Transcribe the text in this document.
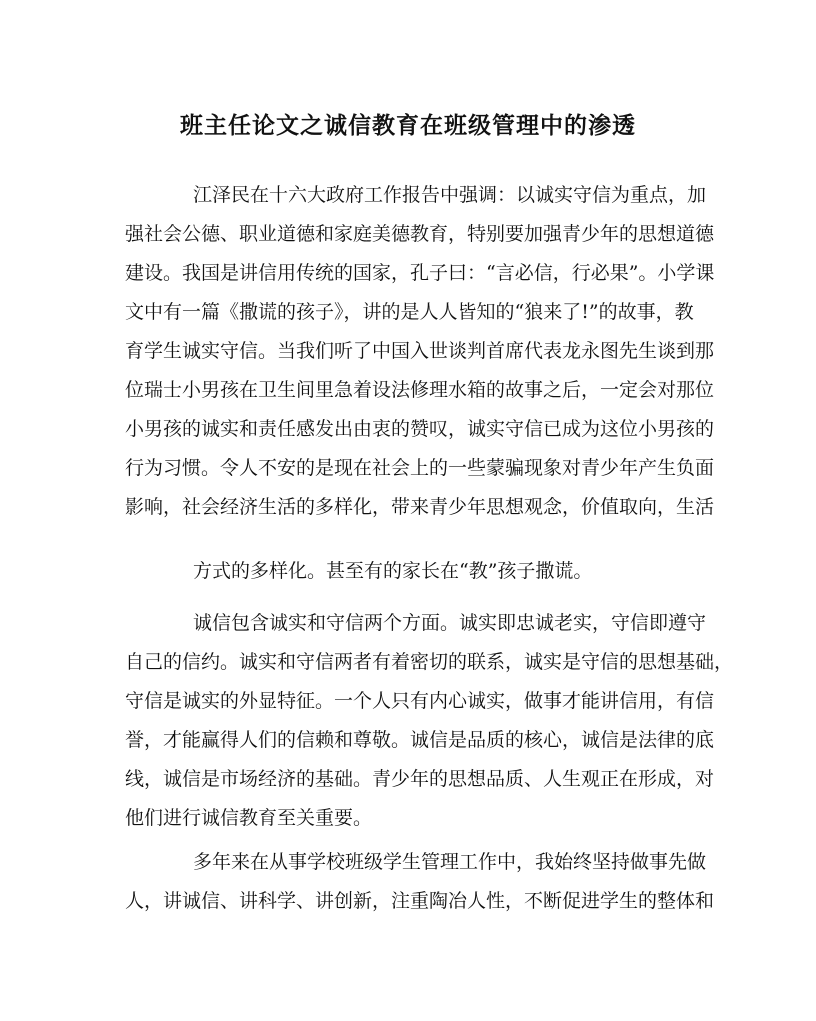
班主任论文之诚信教育在班级管理中的渗透
江泽民在十六大政府工作报告中强调：以诚实守信为重点，加
强社会公德、职业道德和家庭美德教育，特别要加强青少年的思想道德
建设。我国是讲信用传统的国家，孔子曰：“言必信，行必果”。小学课
文中有一篇《撒谎的孩子》，讲的是人人皆知的“狼来了!”的故事，教
育学生诚实守信。当我们听了中国入世谈判首席代表龙永图先生谈到那
位瑞士小男孩在卫生间里急着设法修理水箱的故事之后，一定会对那位
小男孩的诚实和责任感发出由衷的赞叹，诚实守信已成为这位小男孩的
行为习惯。令人不安的是现在社会上的一些蒙骗现象对青少年产生负面
影响，社会经济生活的多样化，带来青少年思想观念，价值取向，生活
方式的多样化。甚至有的家长在“教”孩子撒谎。
诚信包含诚实和守信两个方面。诚实即忠诚老实，守信即遵守
自己的信约。诚实和守信两者有着密切的联系，诚实是守信的思想基础，
守信是诚实的外显特征。一个人只有内心诚实，做事才能讲信用，有信
誉，才能赢得人们的信赖和尊敬。诚信是品质的核心，诚信是法律的底
线，诚信是市场经济的基础。青少年的思想品质、人生观正在形成，对
他们进行诚信教育至关重要。
多年来在从事学校班级学生管理工作中，我始终坚持做事先做
人，讲诚信、讲科学、讲创新，注重陶冶人性，不断促进学生的整体和
